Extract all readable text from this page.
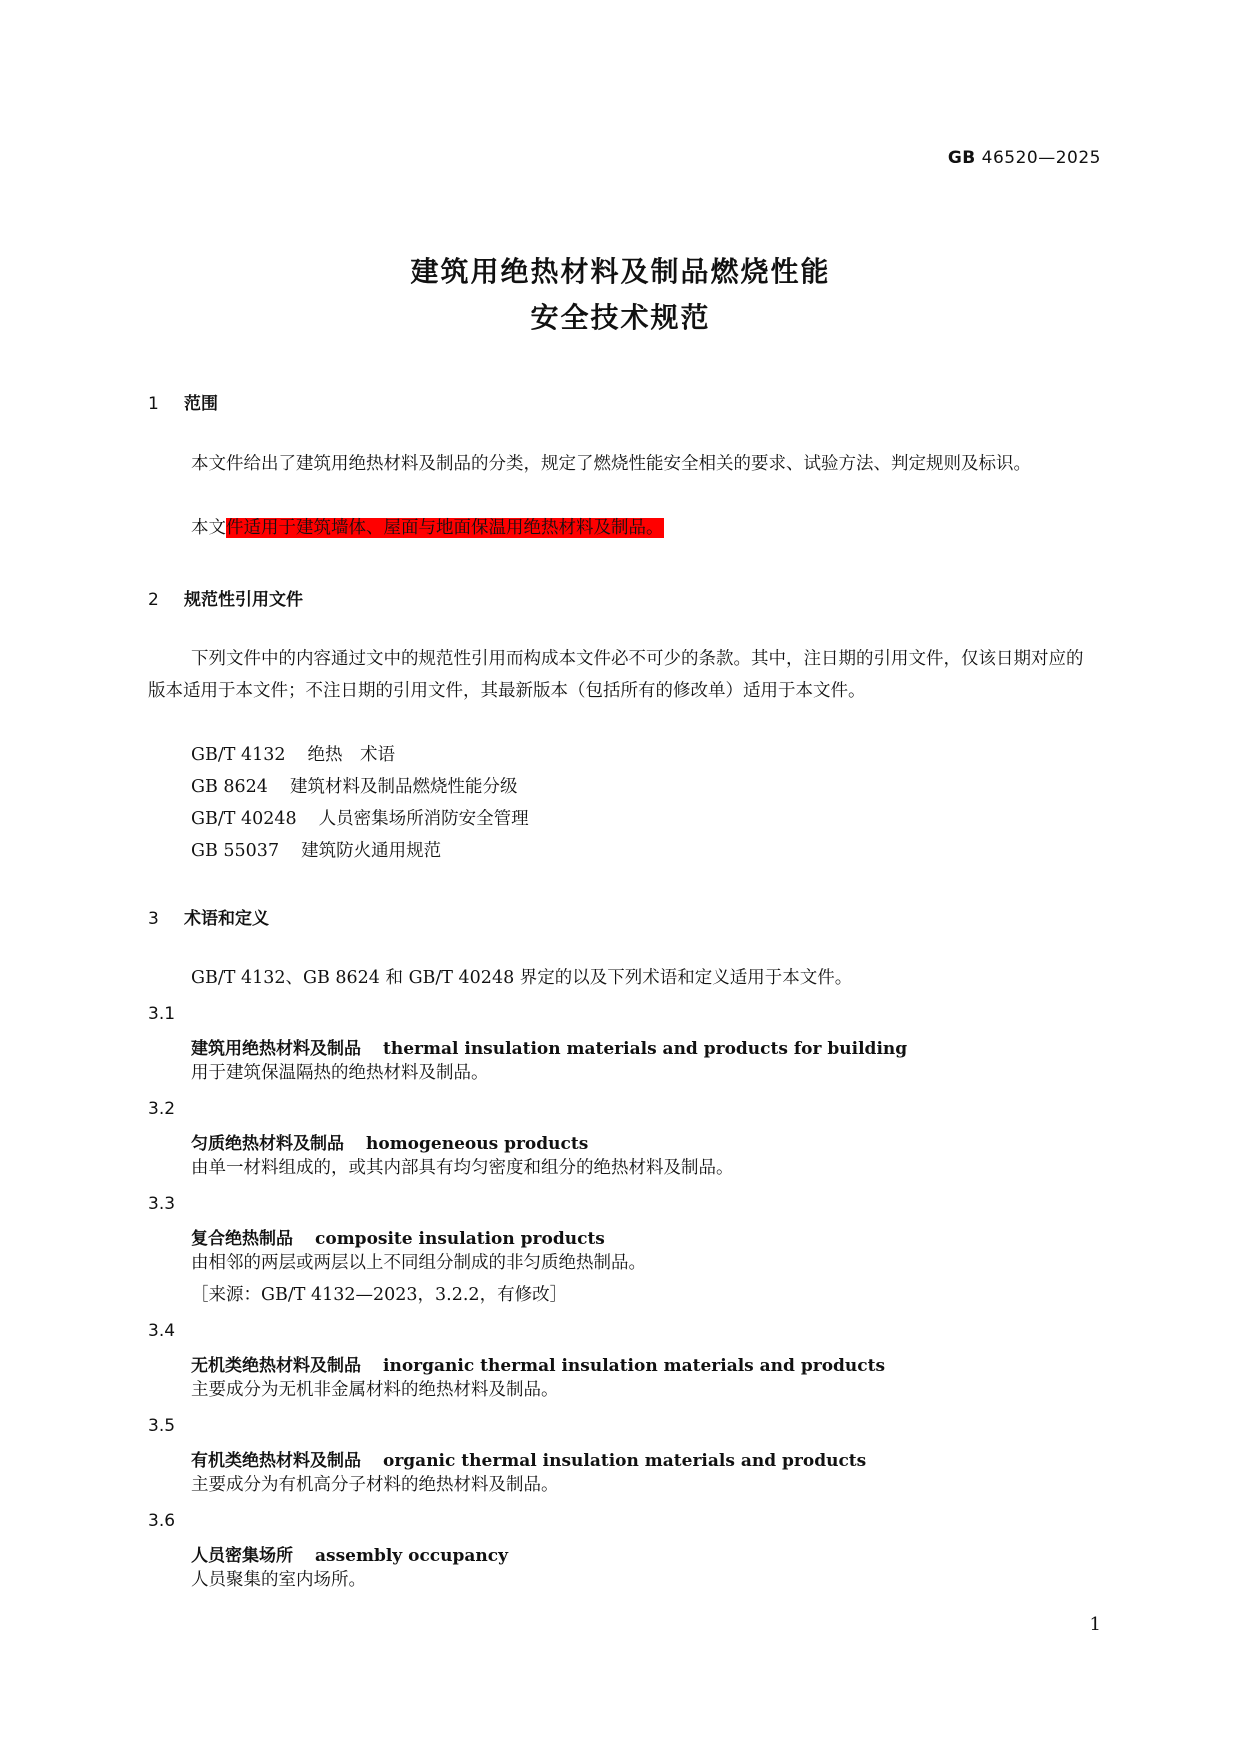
GB 46520—2025
建筑用绝热材料及制品燃烧性能
安全技术规范
1 范围
本文件给出了建筑用绝热材料及制品的分类，规定了燃烧性能安全相关的要求、试验方法、判定规则及标识。
本文件适用于建筑墙体、屋面与地面保温用绝热材料及制品。
2 规范性引用文件
下列文件中的内容通过文中的规范性引用而构成本文件必不可少的条款。其中，注日期的引用文件，仅该日期对应的版本适用于本文件；不注日期的引用文件，其最新版本（包括所有的修改单）适用于本文件。
GB/T 4132 绝热　术语
GB 8624 建筑材料及制品燃烧性能分级
GB/T 40248 人员密集场所消防安全管理
GB 55037 建筑防火通用规范
3 术语和定义
GB/T 4132、GB 8624 和 GB/T 40248 界定的以及下列术语和定义适用于本文件。
3.1
建筑用绝热材料及制品 thermal insulation materials and products for building
用于建筑保温隔热的绝热材料及制品。
3.2
匀质绝热材料及制品 homogeneous products
由单一材料组成的，或其内部具有均匀密度和组分的绝热材料及制品。
3.3
复合绝热制品 composite insulation products
由相邻的两层或两层以上不同组分制成的非匀质绝热制品。
［来源：GB/T 4132—2023，3.2.2，有修改］
3.4
无机类绝热材料及制品 inorganic thermal insulation materials and products
主要成分为无机非金属材料的绝热材料及制品。
3.5
有机类绝热材料及制品 organic thermal insulation materials and products
主要成分为有机高分子材料的绝热材料及制品。
3.6
人员密集场所 assembly occupancy
人员聚集的室内场所。
1
